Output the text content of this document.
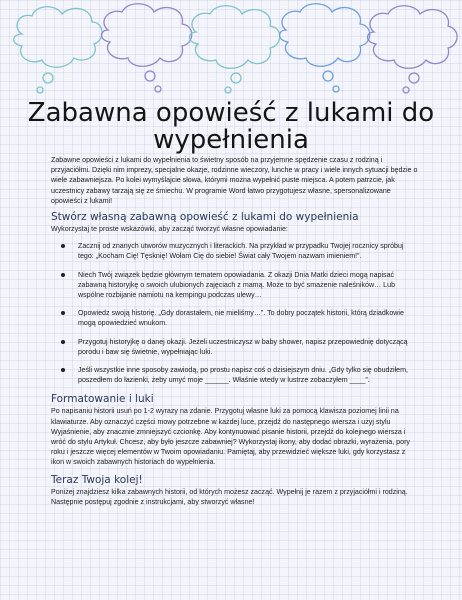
Zabawna opowieść z lukami do wypełnienia

Zabawne opowieści z lukami do wypełnienia to świetny sposób na przyjemne spędzenie czasu z rodziną i przyjaciółmi. Dzięki nim imprezy, specjalne okazje, rodzinne wieczory, lunche w pracy i wiele innych sytuacji będzie o wiele zabawniejsza. Po kolei wymyślajcie słowa, którymi można wypełnić puste miejsca. A potem patrzcie, jak uczestnicy zabawy tarzają się ze śmiechu. W programie Word łatwo przygotujesz własne, spersonalizowane opowieści z lukami!

Stwórz własną zabawną opowieść z lukami do wypełnienia

Wykorzystaj te proste wskazówki, aby zacząć tworzyć własne opowiadanie:

Zacznij od znanych utworów muzycznych i literackich. Na przykład w przypadku Twojej rocznicy spróbuj tego: „Kocham Cię! Tęsknię! Wołam Cię do siebie! Świat cały Twojem nazwam imieniem!”.
Niech Twój związek będzie głównym tematem opowiadania. Z okazji Dnia Matki dzieci mogą napisać zabawną historyjkę o swoich ulubionych zajęciach z mamą. Może to być smażenie naleśników… Lub wspólne rozbijanie namiotu na kempingu podczas ulewy…
Opowiedz swoją historię. „Gdy dorastałem, nie mieliśmy…”. To dobry początek historii, którą dziadkowie mogą opowiedzieć wnukom.
Przygotuj historyjkę o danej okazji. Jeżeli uczestniczysz w baby shower, napisz przepowiednię dotyczącą porodu i baw się świetnie, wypełniając luki.
Jeśli wszystkie inne sposoby zawiodą, po prostu napisz coś o dzisiejszym dniu. „Gdy tylko się obudziłem, poszedłem do łazienki, żeby umyć moje ______. Właśnie wtedy w lustrze zobaczyłem ____”.
Formatowanie i luki

Po napisaniu historii usuń po 1-2 wyrazy na zdanie. Przygotuj własne luki za pomocą klawisza poziomej linii na klawiaturze. Aby oznaczyć części mowy potrzebne w każdej luce, przejdź do następnego wiersza i użyj stylu Wyjaśnienie, aby znacznie zmniejszyć czcionkę. Aby kontynuować pisanie historii, przejdź do kolejnego wiersza i wróć do stylu Artykuł. Chcesz, aby było jeszcze zabawniej? Wykorzystaj ikony, aby dodać obrazki, wyrażenia, pory roku i jeszcze więcej elementów w Twoim opowiadaniu. Pamiętaj, aby przewidzieć większe luki, gdy korzystasz z ikon w swoich zabawnych historiach do wypełnienia.

Teraz Twoja kolej!

Poniżej znajdziesz kilka zabawnych historii, od których możesz zacząć. Wypełnij je razem z przyjaciółmi i rodziną. Następnie postępuj zgodnie z instrukcjami, aby stworzyć własne!
